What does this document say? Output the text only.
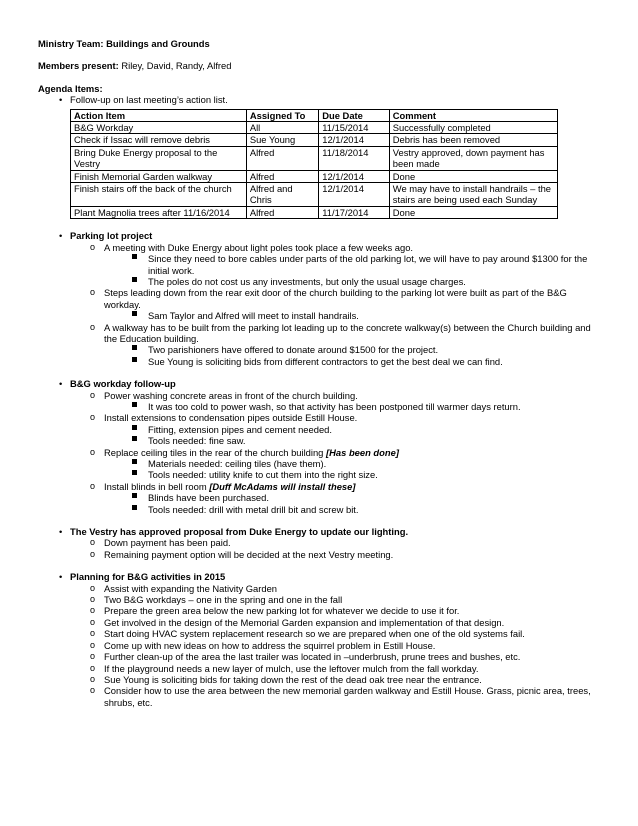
Ministry Team: Buildings and Grounds

Members present: Riley, David, Randy, Alfred

Agenda Items:

• Follow-up on last meeting’s action list.
Action Item	Assigned To	Due Date	Comment
B&G Workday	All	11/15/2014	Successfully completed
Check if Issac will remove debris	Sue Young	12/1/2014	Debris has been removed
Bring Duke Energy proposal to the Vestry	Alfred	11/18/2014	Vestry approved, down payment has been made
Finish Memorial Garden walkway	Alfred	12/1/2014	Done
Finish stairs off the back of the church	Alfred and Chris	12/1/2014	We may have to install handrails – the stairs are being used each Sunday
Plant Magnolia trees after 11/16/2014	Alfred	11/17/2014	Done
• Parking lot project
o A meeting with Duke Energy about light poles took place a few weeks ago.
Since they need to bore cables under parts of the old parking lot, we will have to pay around $1300 for the initial work.
The poles do not cost us any investments, but only the usual usage charges.
o Steps leading down from the rear exit door of the church building to the parking lot were built as part of the B&G workday.
Sam Taylor and Alfred will meet to install handrails.
o A walkway has to be built from the parking lot leading up to the concrete walkway(s) between the Church building and the Education building.
Two parishioners have offered to donate around $1500 for the project.
Sue Young is soliciting bids from different contractors to get the best deal we can find.
• B&G workday follow-up
o Power washing concrete areas in front of the church building.
It was too cold to power wash, so that activity has been postponed till warmer days return.
o Install extensions to condensation pipes outside Estill House.
Fitting, extension pipes and cement needed.
Tools needed: fine saw.
o Replace ceiling tiles in the rear of the church building [Has been done]
Materials needed: ceiling tiles (have them).
Tools needed: utility knife to cut them into the right size.
o Install blinds in bell room [Duff McAdams will install these]
Blinds have been purchased.
Tools needed: drill with metal drill bit and screw bit.
• The Vestry has approved proposal from Duke Energy to update our lighting.
o Down payment has been paid.
o Remaining payment option will be decided at the next Vestry meeting.
• Planning for B&G activities in 2015
o Assist with expanding the Nativity Garden
o Two B&G workdays – one in the spring and one in the fall
o Prepare the green area below the new parking lot for whatever we decide to use it for.
o Get involved in the design of the Memorial Garden expansion and implementation of that design.
o Start doing HVAC system replacement research so we are prepared when one of the old systems fail.
o Come up with new ideas on how to address the squirrel problem in Estill House.
o Further clean-up of the area the last trailer was located in –underbrush, prune trees and bushes, etc.
o If the playground needs a new layer of mulch, use the leftover mulch from the fall workday.
o Sue Young is soliciting bids for taking down the rest of the dead oak tree near the entrance.
o Consider how to use the area between the new memorial garden walkway and Estill House. Grass, picnic area, trees, shrubs, etc.
